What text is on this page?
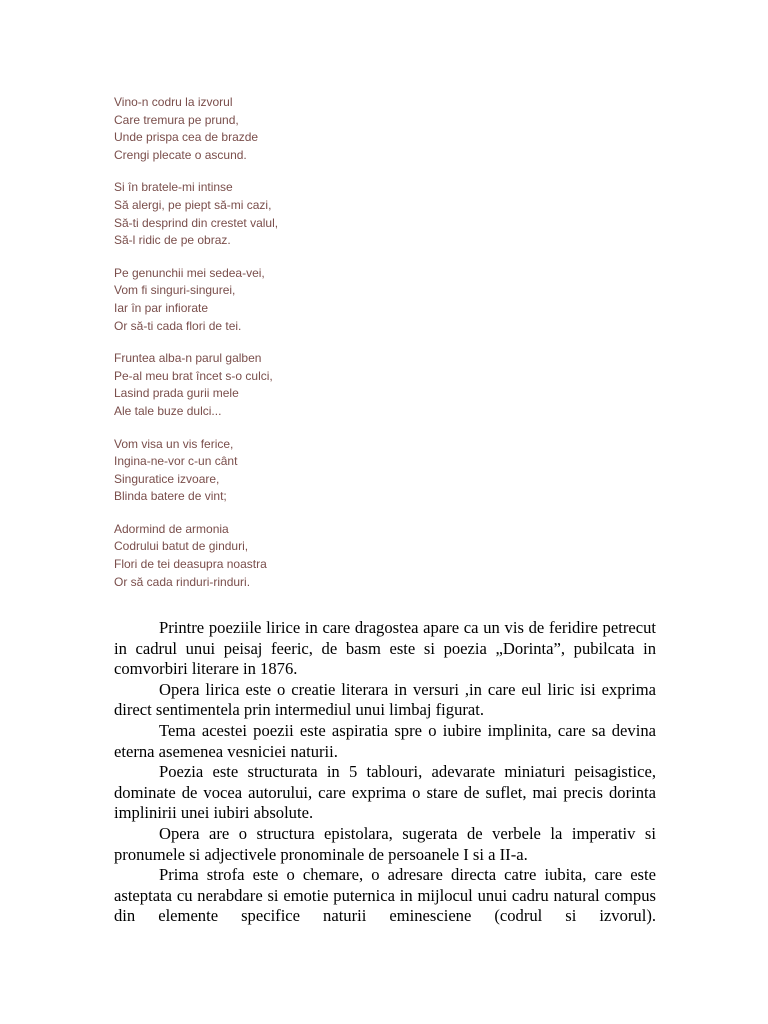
Vino-n codru la izvorul
Care tremura pe prund,
Unde prispa cea de brazde
Crengi plecate o ascund.
Si în bratele-mi intinse
Să alergi, pe piept să-mi cazi,
Să-ti desprind din crestet valul,
Să-l ridic de pe obraz.
Pe genunchii mei sedea-vei,
Vom fi singuri-singurei,
Iar în par infiorate
Or să-ti cada flori de tei.
Fruntea alba-n parul galben
Pe-al meu brat încet s-o culci,
Lasind prada gurii mele
Ale tale buze dulci...
Vom visa un vis ferice,
Ingina-ne-vor c-un cânt
Singuratice izvoare,
Blinda batere de vint;
Adormind de armonia
Codrului batut de ginduri,
Flori de tei deasupra noastra
Or să cada rinduri-rinduri.

Printre poeziile lirice in care dragostea apare ca un vis de feridire petrecut in cadrul unui peisaj feeric, de basm este si poezia „Dorinta”, pubilcata in comvorbiri literare in 1876.

Opera lirica este o creatie literara in versuri ,in care eul liric isi exprima direct sentimentela prin intermediul unui limbaj figurat.

Tema acestei poezii este aspiratia spre o iubire implinita, care sa devina eterna asemenea vesniciei naturii.

Poezia este structurata in 5 tablouri, adevarate miniaturi peisagistice, dominate de vocea autorului, care exprima o stare de suflet, mai precis dorinta implinirii unei iubiri absolute.

Opera are o structura epistolara, sugerata de verbele la imperativ si pronumele si adjectivele pronominale de persoanele I si a II-a.

Prima strofa este o chemare, o adresare directa catre iubita, care este asteptata cu nerabdare si emotie puternica in mijlocul unui cadru natural compus din elemente specifice naturii eminesciene (codrul si izvorul).
